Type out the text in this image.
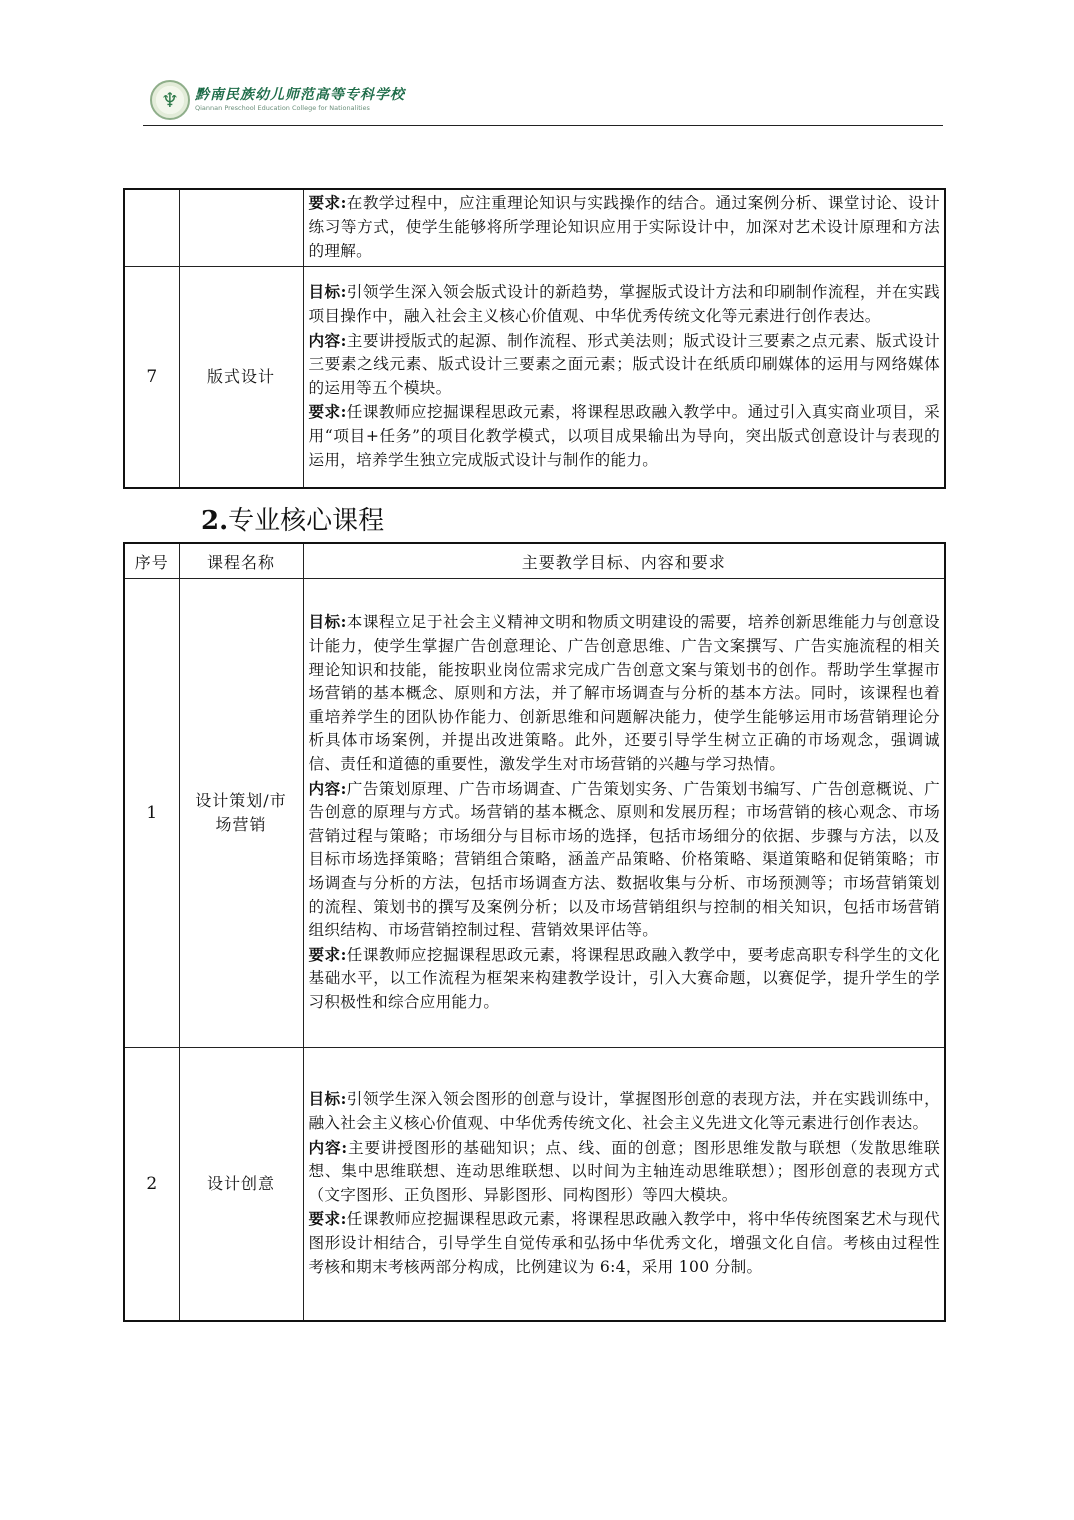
♆ 黔南民族幼儿师范高等专科学校
Qiannan Preschool Education College for Nationalities

		要求:在教学过程中，应注重理论知识与实践操作的结合。通过案例分析、课堂讨论、设计练习等方式，使学生能够将所学理论知识应用于实际设计中，加深对艺术设计原理和方法的理解。

7	版式设计	目标:引领学生深入领会版式设计的新趋势，掌握版式设计方法和印刷制作流程，并在实践项目操作中，融入社会主义核心价值观、中华优秀传统文化等元素进行创作表达。

内容:主要讲授版式的起源、制作流程、形式美法则；版式设计三要素之点元素、版式设计三要素之线元素、版式设计三要素之面元素；版式设计在纸质印刷媒体的运用与网络媒体的运用等五个模块。

要求:任课教师应挖掘课程思政元素，将课程思政融入教学中。通过引入真实商业项目，采用“项目+任务”的项目化教学模式，以项目成果输出为导向，突出版式创意设计与表现的运用，培养学生独立完成版式设计与制作的能力。

2.专业核心课程
序号	课程名称	主要教学目标、内容和要求
1	设计策划/市场营销	目标:本课程立足于社会主义精神文明和物质文明建设的需要，培养创新思维能力与创意设计能力，使学生掌握广告创意理论、广告创意思维、广告文案撰写、广告实施流程的相关理论知识和技能，能按职业岗位需求完成广告创意文案与策划书的创作。帮助学生掌握市场营销的基本概念、原则和方法，并了解市场调查与分析的基本方法。同时，该课程也着重培养学生的团队协作能力、创新思维和问题解决能力，使学生能够运用市场营销理论分析具体市场案例，并提出改进策略。此外，还要引导学生树立正确的市场观念，强调诚信、责任和道德的重要性，激发学生对市场营销的兴趣与学习热情。

内容:广告策划原理、广告市场调查、广告策划实务、广告策划书编写、广告创意概说、广告创意的原理与方式。场营销的基本概念、原则和发展历程；市场营销的核心观念、市场营销过程与策略；市场细分与目标市场的选择，包括市场细分的依据、步骤与方法，以及目标市场选择策略；营销组合策略，涵盖产品策略、价格策略、渠道策略和促销策略；市场调查与分析的方法，包括市场调查方法、数据收集与分析、市场预测等；市场营销策划的流程、策划书的撰写及案例分析；以及市场营销组织与控制的相关知识，包括市场营销组织结构、市场营销控制过程、营销效果评估等。

要求:任课教师应挖掘课程思政元素，将课程思政融入教学中，要考虑高职专科学生的文化基础水平，以工作流程为框架来构建教学设计，引入大赛命题，以赛促学，提升学生的学习积极性和综合应用能力。

2	设计创意	目标:引领学生深入领会图形的创意与设计，掌握图形创意的表现方法，并在实践训练中，融入社会主义核心价值观、中华优秀传统文化、社会主义先进文化等元素进行创作表达。

内容:主要讲授图形的基础知识；点、线、面的创意；图形思维发散与联想（发散思维联想、集中思维联想、连动思维联想、以时间为主轴连动思维联想）；图形创意的表现方式（文字图形、正负图形、异影图形、同构图形）等四大模块。

要求:任课教师应挖掘课程思政元素，将课程思政融入教学中，将中华传统图案艺术与现代图形设计相结合，引导学生自觉传承和弘扬中华优秀文化，增强文化自信。考核由过程性考核和期末考核两部分构成，比例建议为 6:4，采用 100 分制。
